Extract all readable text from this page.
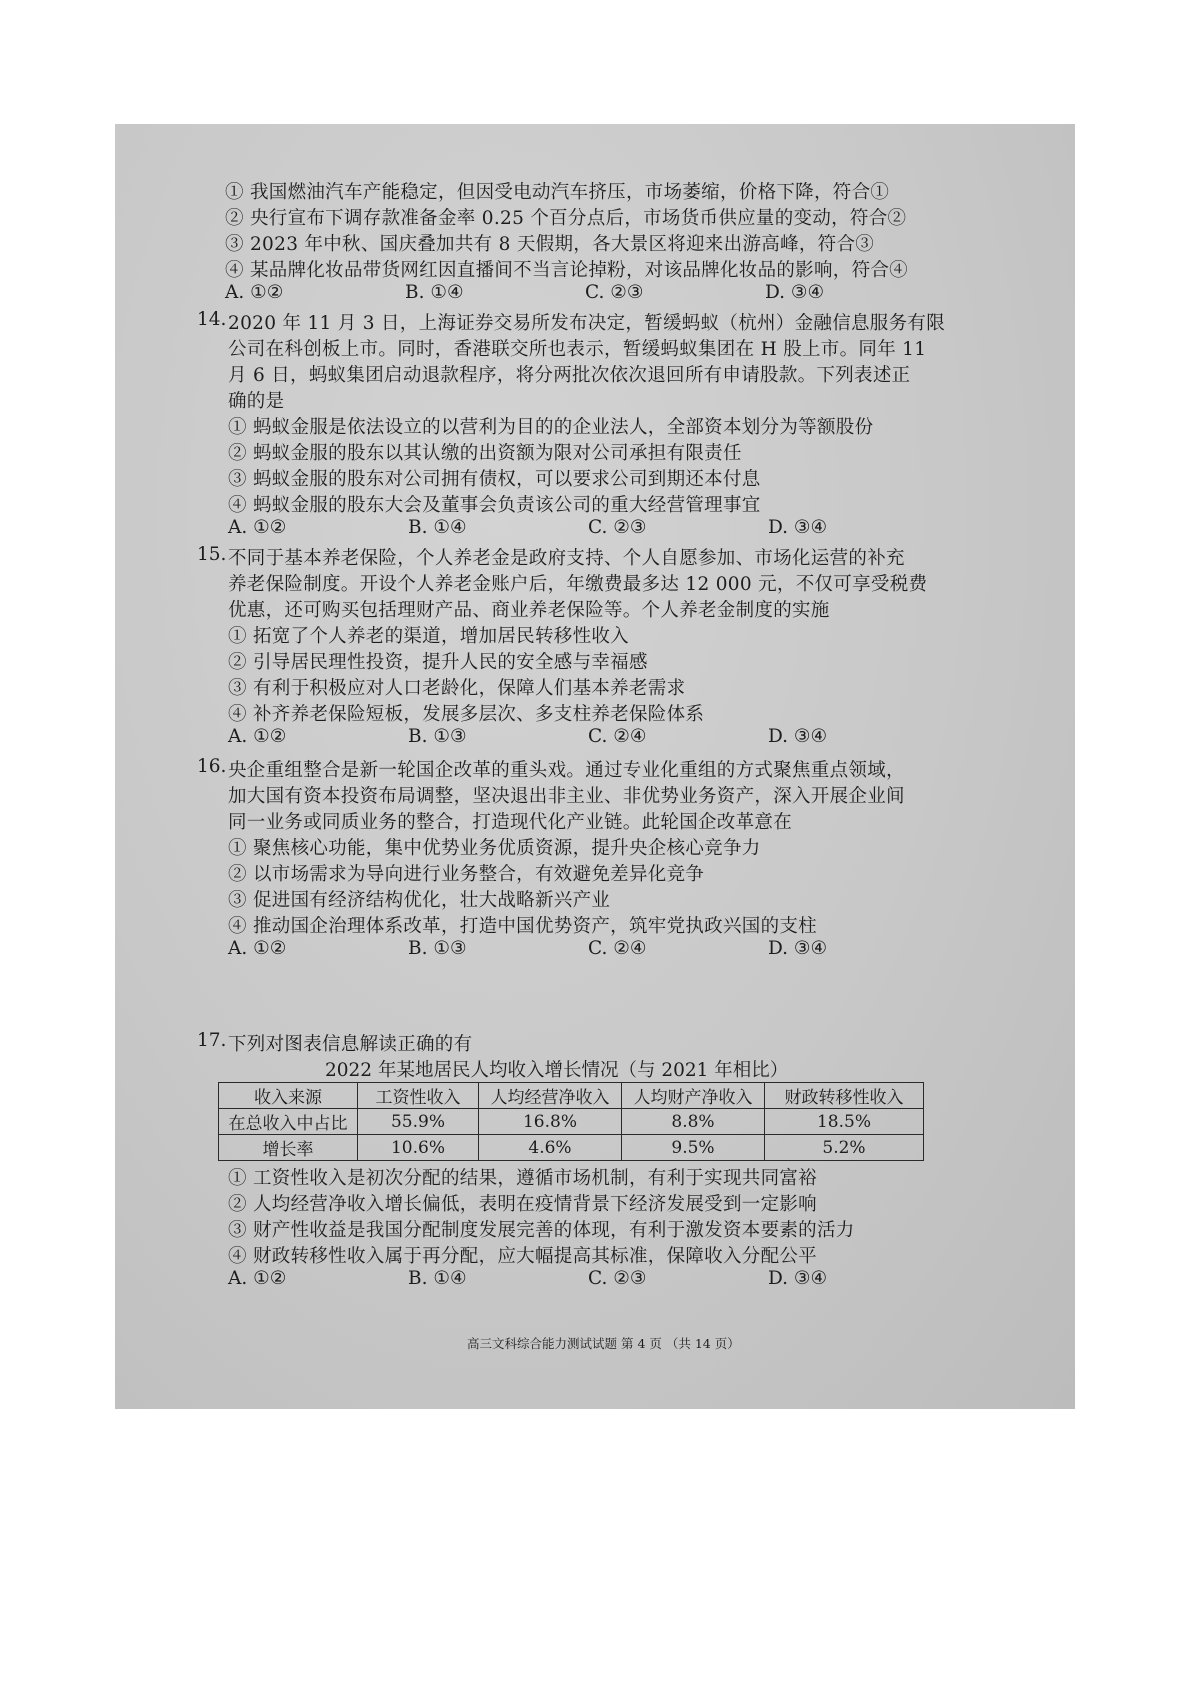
① 我国燃油汽车产能稳定，但因受电动汽车挤压，市场萎缩，价格下降，符合①
② 央行宣布下调存款准备金率 0.25 个百分点后，市场货币供应量的变动，符合②
③ 2023 年中秋、国庆叠加共有 8 天假期，各大景区将迎来出游高峰，符合③
④ 某品牌化妆品带货网红因直播间不当言论掉粉，对该品牌化妆品的影响，符合④
A. ①②	B. ①④	C. ②③	D. ③④
14. 2020 年 11 月 3 日，上海证券交易所发布决定，暂缓蚂蚁（杭州）金融信息服务有限
公司在科创板上市。同时，香港联交所也表示，暂缓蚂蚁集团在 H 股上市。同年 11
月 6 日，蚂蚁集团启动退款程序，将分两批次依次退回所有申请股款。下列表述正
确的是
① 蚂蚁金服是依法设立的以营利为目的的企业法人，全部资本划分为等额股份
② 蚂蚁金服的股东以其认缴的出资额为限对公司承担有限责任
③ 蚂蚁金服的股东对公司拥有债权，可以要求公司到期还本付息
④ 蚂蚁金服的股东大会及董事会负责该公司的重大经营管理事宜
A. ①②	B. ①④	C. ②③	D. ③④
15. 不同于基本养老保险，个人养老金是政府支持、个人自愿参加、市场化运营的补充
养老保险制度。开设个人养老金账户后，年缴费最多达 12 000 元，不仅可享受税费
优惠，还可购买包括理财产品、商业养老保险等。个人养老金制度的实施
① 拓宽了个人养老的渠道，增加居民转移性收入
② 引导居民理性投资，提升人民的安全感与幸福感
③ 有利于积极应对人口老龄化，保障人们基本养老需求
④ 补齐养老保险短板，发展多层次、多支柱养老保险体系
A. ①②	B. ①③	C. ②④	D. ③④
16. 央企重组整合是新一轮国企改革的重头戏。通过专业化重组的方式聚焦重点领域，
加大国有资本投资布局调整，坚决退出非主业、非优势业务资产，深入开展企业间
同一业务或同质业务的整合，打造现代化产业链。此轮国企改革意在
① 聚焦核心功能，集中优势业务优质资源，提升央企核心竞争力
② 以市场需求为导向进行业务整合，有效避免差异化竞争
③ 促进国有经济结构优化，壮大战略新兴产业
④ 推动国企治理体系改革，打造中国优势资产，筑牢党执政兴国的支柱
A. ①②	B. ①③	C. ②④	D. ③④
17. 下列对图表信息解读正确的有
2022 年某地居民人均收入增长情况（与 2021 年相比）
收入来源	工资性收入	人均经营净收入	人均财产净收入	财政转移性收入
在总收入中占比	55.9%	16.8%	8.8%	18.5%
增长率	10.6%	4.6%	9.5%	5.2%
① 工资性收入是初次分配的结果，遵循市场机制，有利于实现共同富裕
② 人均经营净收入增长偏低，表明在疫情背景下经济发展受到一定影响
③ 财产性收益是我国分配制度发展完善的体现，有利于激发资本要素的活力
④ 财政转移性收入属于再分配，应大幅提高其标准，保障收入分配公平
A. ①②	B. ①④	C. ②③	D. ③④
高三文科综合能力测试试题 第 4 页 （共 14 页）
